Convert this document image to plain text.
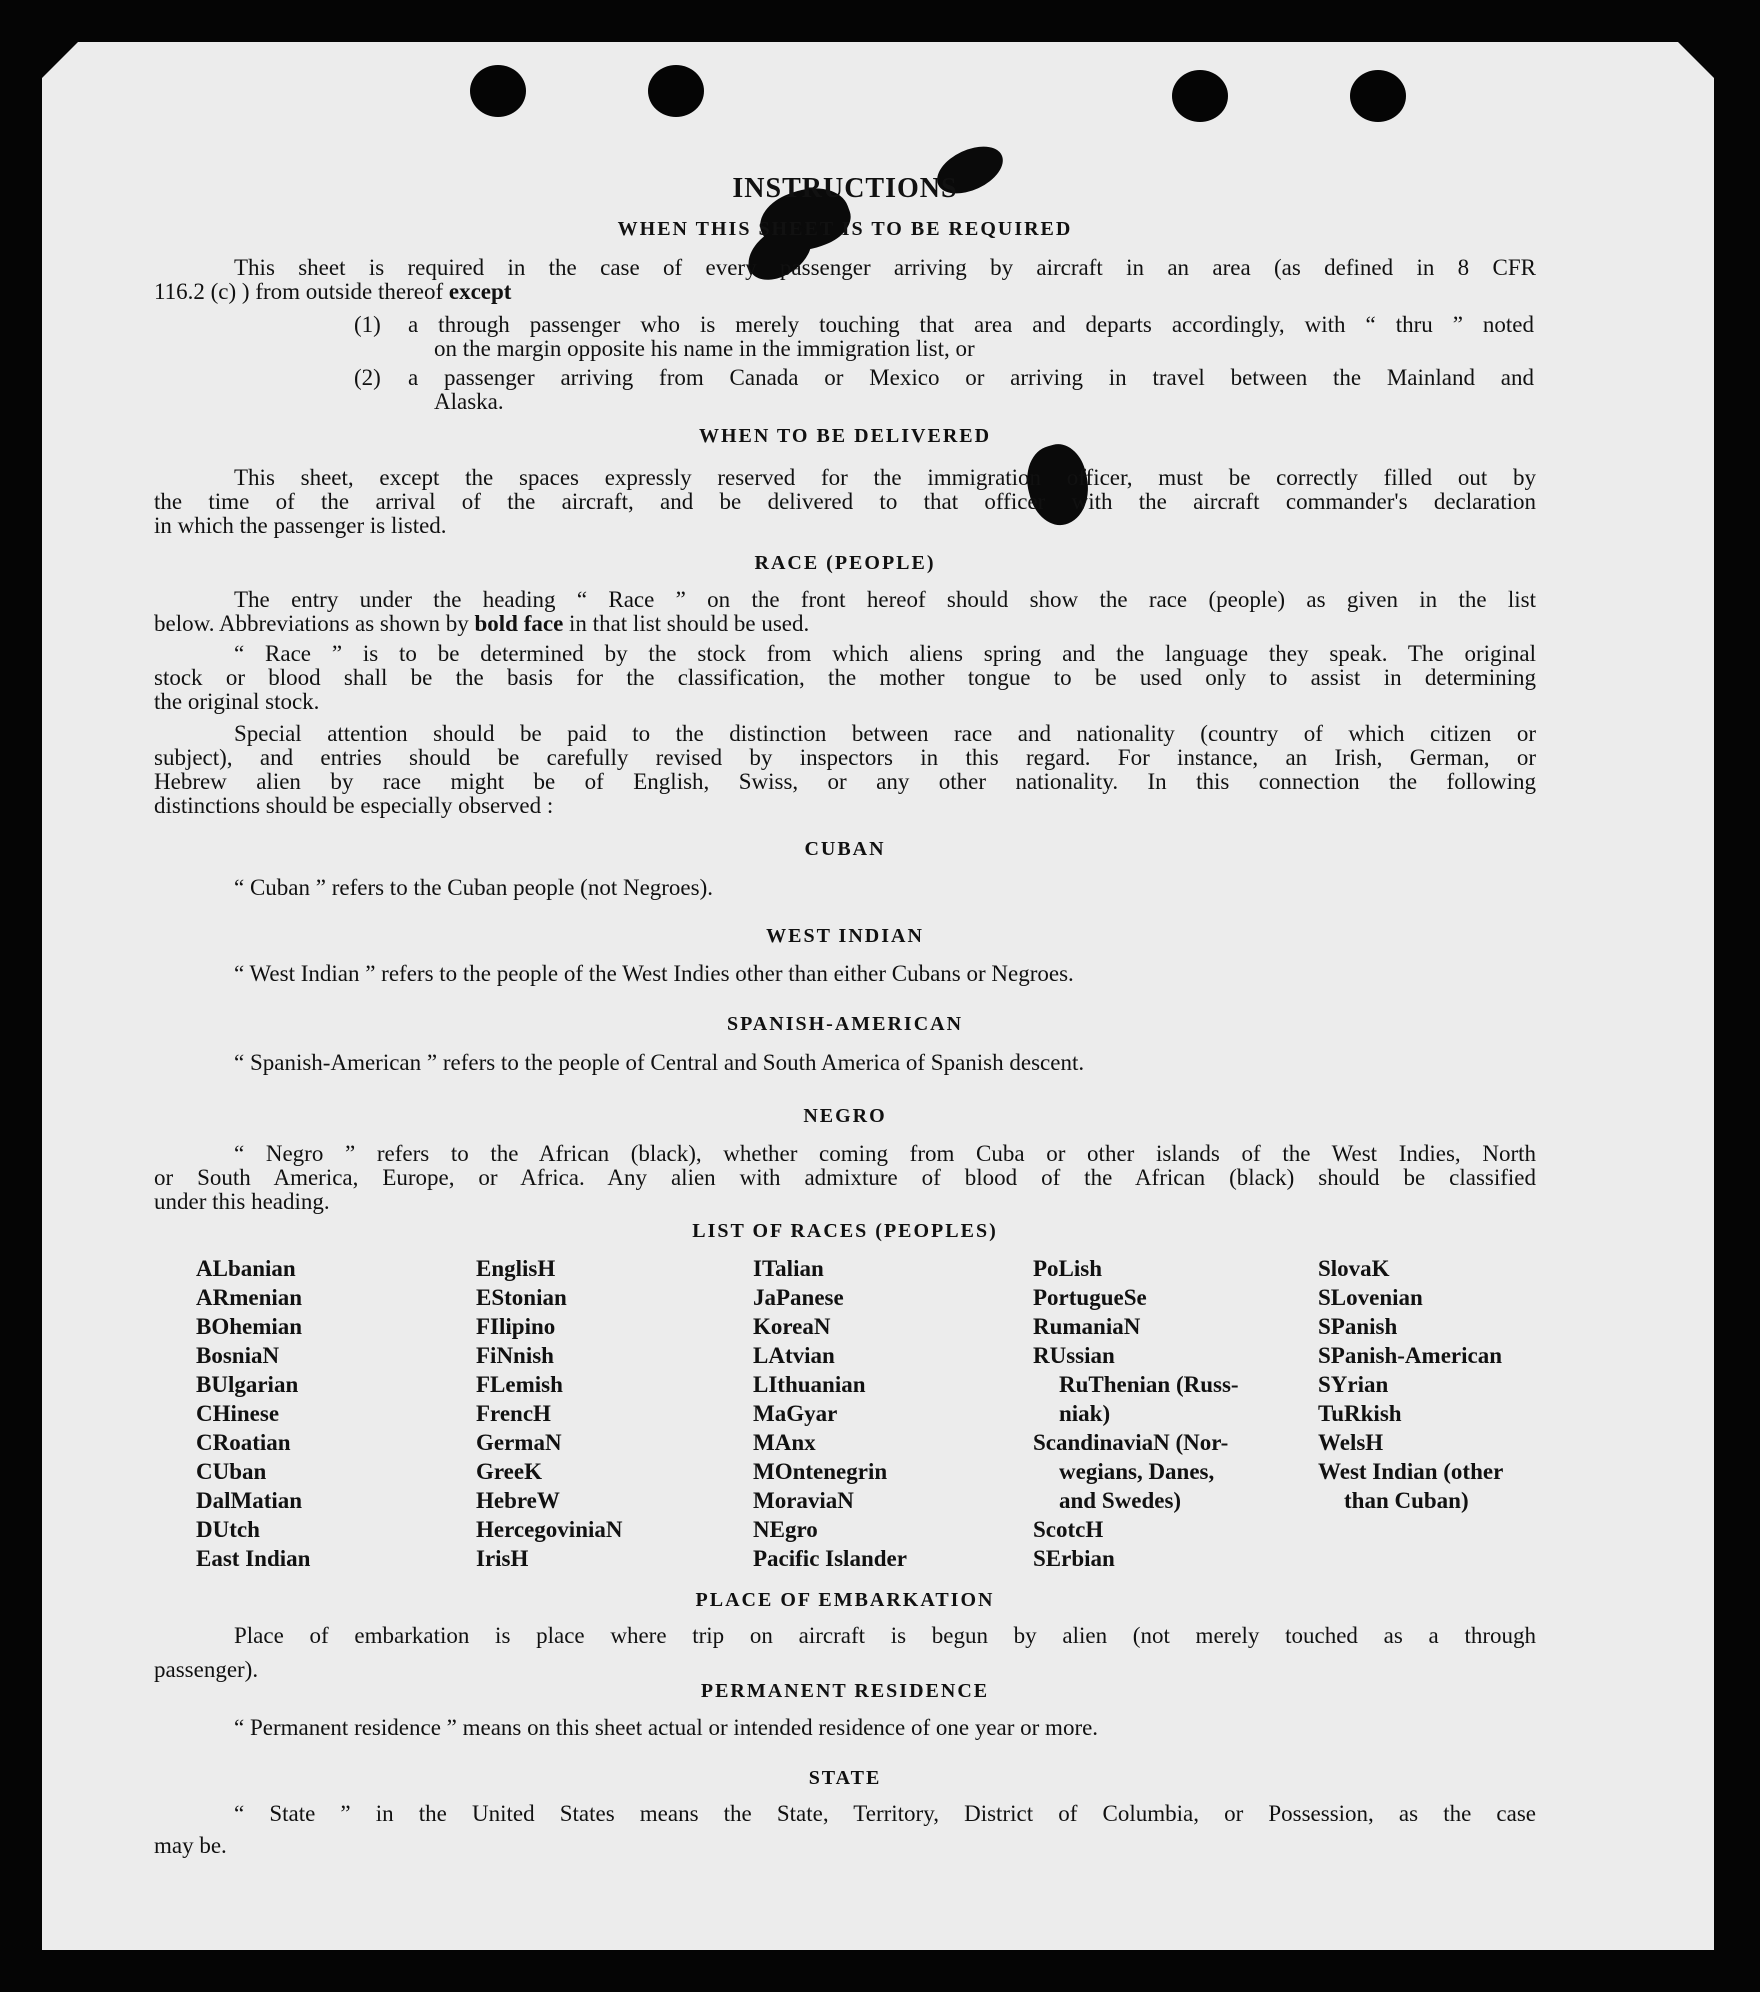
INSTRUCTIONS
WHEN THIS SHEET IS TO BE REQUIRED
This sheet is required in the case of every passenger arriving by aircraft in an area (as defined in 8 CFR
116.2 (c) ) from outside thereof except
(1)	a through passenger who is merely touching that area and departs accordingly, with “ thru ” noted
on the margin opposite his name in the immigration list, or
(2)	a passenger arriving from Canada or Mexico or arriving in travel between the Mainland and
Alaska.
WHEN TO BE DELIVERED
This sheet, except the spaces expressly reserved for the immigration officer, must be correctly filled out by
the time of the arrival of the aircraft, and be delivered to that officer with the aircraft commander's declaration
in which the passenger is listed.
RACE (PEOPLE)
The entry under the heading “ Race ” on the front hereof should show the race (people) as given in the list
below. Abbreviations as shown by bold face in that list should be used.
“ Race ” is to be determined by the stock from which aliens spring and the language they speak. The original
stock or blood shall be the basis for the classification, the mother tongue to be used only to assist in determining
the original stock.
Special attention should be paid to the distinction between race and nationality (country of which citizen or
subject), and entries should be carefully revised by inspectors in this regard. For instance, an Irish, German, or
Hebrew alien by race might be of English, Swiss, or any other nationality. In this connection the following
distinctions should be especially observed :
CUBAN
“ Cuban ” refers to the Cuban people (not Negroes).
WEST INDIAN
“ West Indian ” refers to the people of the West Indies other than either Cubans or Negroes.
SPANISH-AMERICAN
“ Spanish-American ” refers to the people of Central and South America of Spanish descent.
NEGRO
“ Negro ” refers to the African (black), whether coming from Cuba or other islands of the West Indies, North
or South America, Europe, or Africa. Any alien with admixture of blood of the African (black) should be classified
under this heading.
LIST OF RACES (PEOPLES)
ALbanian
ARmenian
BOhemian
BosniaN
BUlgarian
CHinese
CRoatian
CUban
DalMatian
DUtch
East Indian
EnglisH
EStonian
FIlipino
FiNnish
FLemish
FrencH
GermaN
GreeK
HebreW
HercegoviniaN
IrisH
ITalian
JaPanese
KoreaN
LAtvian
LIthuanian
MaGyar
MAnx
MOntenegrin
MoraviaN
NEgro
Pacific Islander
PoLish
PortugueSe
RumaniaN
RUssian
RuThenian (Russ-
niak)
ScandinaviaN (Nor-
wegians, Danes,
and Swedes)
ScotcH
SErbian
SlovaK
SLovenian
SPanish
SPanish-American
SYrian
TuRkish
WelsH
West Indian (other
than Cuban)
PLACE OF EMBARKATION
Place of embarkation is place where trip on aircraft is begun by alien (not merely touched as a through
passenger).
PERMANENT RESIDENCE
“ Permanent residence ” means on this sheet actual or intended residence of one year or more.
STATE
“ State ” in the United States means the State, Territory, District of Columbia, or Possession, as the case
may be.
